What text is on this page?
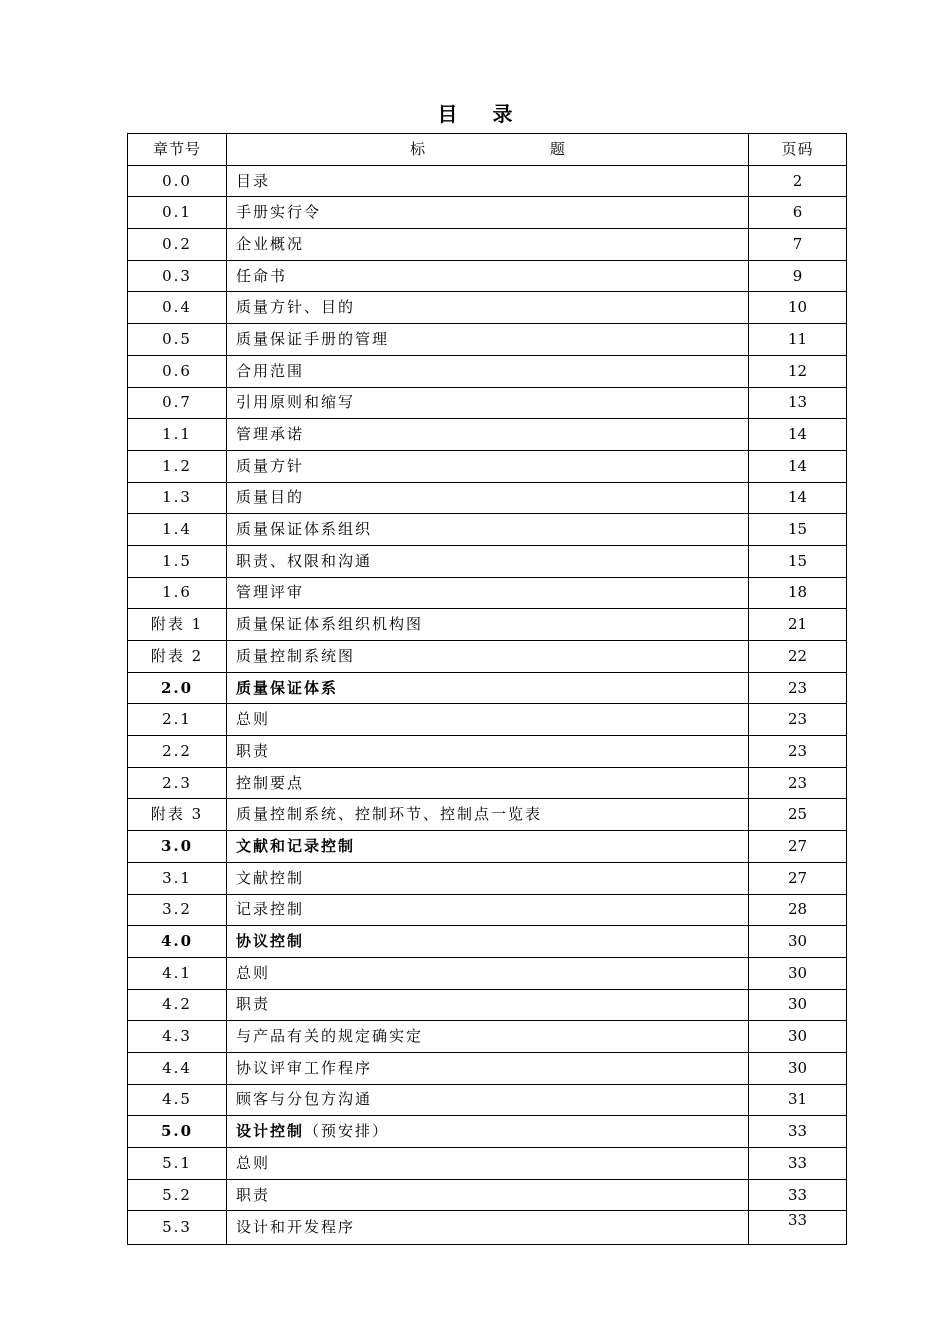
目 录
章节号	标 题	页码
0.0	目录	2
0.1	手册实行令	6
0.2	企业概况	7
0.3	任命书	9
0.4	质量方针、目的	10
0.5	质量保证手册的管理	11
0.6	合用范围	12
0.7	引用原则和缩写	13
1.1	管理承诺	14
1.2	质量方针	14
1.3	质量目的	14
1.4	质量保证体系组织	15
1.5	职责、权限和沟通	15
1.6	管理评审	18
附表 1	质量保证体系组织机构图	21
附表 2	质量控制系统图	22
2.0	质量保证体系	23
2.1	总则	23
2.2	职责	23
2.3	控制要点	23
附表 3	质量控制系统、控制环节、控制点一览表	25
3.0	文献和记录控制	27
3.1	文献控制	27
3.2	记录控制	28
4.0	协议控制	30
4.1	总则	30
4.2	职责	30
4.3	与产品有关的规定确实定	30
4.4	协议评审工作程序	30
4.5	顾客与分包方沟通	31
5.0	设计控制（预安排）	33
5.1	总则	33
5.2	职责	33
5.3	设计和开发程序	33
